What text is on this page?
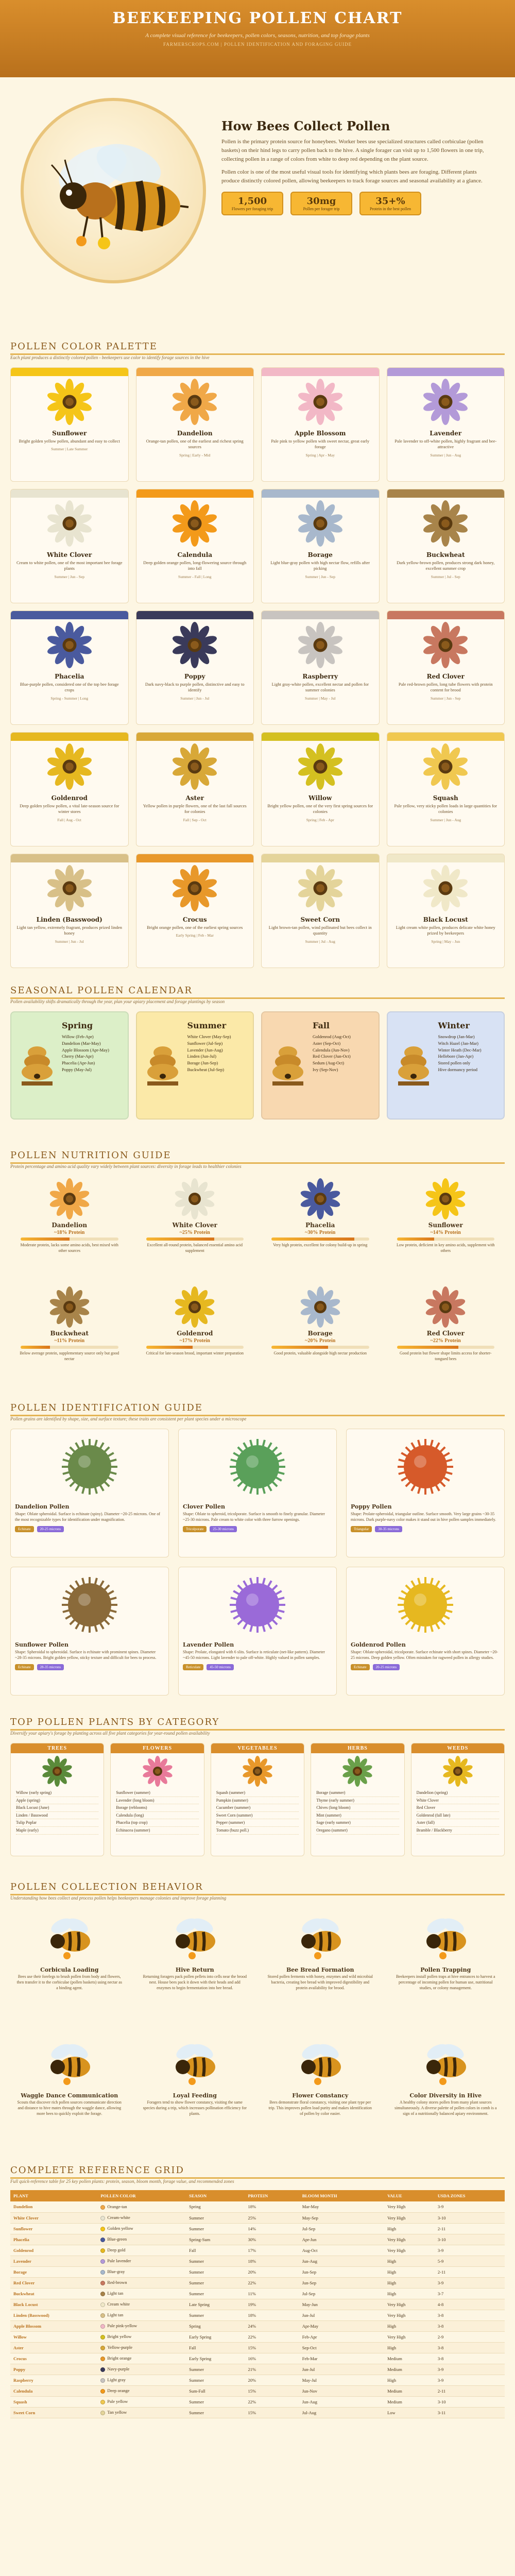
BEEKEEPING POLLEN CHART
A complete visual reference for beekeepers, pollen colors, seasons, nutrition, and top forage plants
FARMERSCROPS.COM | POLLEN IDENTIFICATION AND FORAGING GUIDE
How Bees Collect Pollen

Pollen is the primary protein source for honeybees. Worker bees use specialized structures called corbiculae (pollen baskets) on their hind legs to carry pollen back to the hive. A single forager can visit up to 1,500 flowers in one trip, collecting pollen in a range of colors from white to deep red depending on the plant source.

Pollen color is one of the most useful visual tools for identifying which plants bees are foraging. Different plants produce distinctly colored pollen, allowing beekeepers to track forage sources and seasonal availability at a glance.

1,500
Flowers per foraging trip
30mg
Pollen per forager trip
35+%
Protein in the best pollen
POLLEN COLOR PALETTE
Each plant produces a distinctly colored pollen - beekeepers use color to identify forage sources in the hive
Sunflower
Bright golden yellow pollen, abundant and easy to collect
Summer | Late Summer
Dandelion
Orange-tan pollen, one of the earliest and richest spring sources
Spring | Early - Mid
Apple Blossom
Pale pink to yellow pollen with sweet nectar, great early forage
Spring | Apr - May
Lavender
Pale lavender to off-white pollen, highly fragrant and bee-attractive
Summer | Jun - Aug
White Clover
Cream to white pollen, one of the most important bee forage plants
Summer | Jun - Sep
Calendula
Deep golden orange pollen, long-flowering source through into fall
Summer - Fall | Long
Borage
Light blue-gray pollen with high nectar flow, refills after picking
Summer | Jun - Sep
Buckwheat
Dark yellow-brown pollen, produces strong dark honey, excellent summer crop
Summer | Jul - Sep
Phacelia
Blue-purple pollen, considered one of the top bee forage crops
Spring - Summer | Long
Poppy
Dark navy-black to purple pollen, distinctive and easy to identify
Summer | Jun - Jul
Raspberry
Light gray-white pollen, excellent nectar and pollen for summer colonies
Summer | May - Jul
Red Clover
Pale red-brown pollen, long tube flowers with protein content for brood
Summer | Jun - Sep
Goldenrod
Deep golden yellow pollen, a vital late-season source for winter stores
Fall | Aug - Oct
Aster
Yellow pollen in purple flowers, one of the last fall sources for colonies
Fall | Sep - Oct
Willow
Bright yellow pollen, one of the very first spring sources for colonies
Spring | Feb - Apr
Squash
Pale yellow, very sticky pollen loads in large quantities for colonies
Summer | Jun - Aug
Linden (Basswood)
Light tan yellow, extremely fragrant, produces prized linden honey
Summer | Jun - Jul
Crocus
Bright orange pollen, one of the earliest spring sources
Early Spring | Feb - Mar
Sweet Corn
Light brown-tan pollen, wind pollinated but bees collect in quantity
Summer | Jul - Aug
Black Locust
Light cream white pollen, produces delicate white honey prized by beekeepers
Spring | May - Jun
SEASONAL POLLEN CALENDAR
Pollen availability shifts dramatically through the year, plan your apiary placement and forage plantings by season
Spring
Willow (Feb-Apr)
Dandelion (Mar-May)
Apple Blossom (Apr-May)
Cherry (Mar-Apr)
Phacelia (Apr-Jun)
Poppy (May-Jul)
Summer
White Clover (May-Sep)
Sunflower (Jul-Sep)
Lavender (Jun-Aug)
Linden (Jun-Jul)
Borage (Jun-Sep)
Buckwheat (Jul-Sep)
Fall
Goldenrod (Aug-Oct)
Aster (Sep-Oct)
Calendula (Jun-Nov)
Red Clover (Jun-Oct)
Sedum (Aug-Oct)
Ivy (Sep-Nov)
Winter
Snowdrop (Jan-Mar)
Witch Hazel (Jan-Mar)
Winter Heath (Dec-Mar)
Hellebore (Jan-Apr)
Stored pollen only
Hive dormancy period
POLLEN NUTRITION GUIDE
Protein percentage and amino acid quality vary widely between plant sources: diversity in forage leads to healthier colonies
Dandelion
~18% Protein
Moderate protein, lacks some amino acids, best mixed with other sources
White Clover
~25% Protein
Excellent all-round protein, balanced essential amino acid supplement
Phacelia
~30% Protein
Very high protein, excellent for colony build-up in spring
Sunflower
~14% Protein
Low protein, deficient in key amino acids, supplement with others
Buckwheat
~11% Protein
Below average protein, supplementary source only but good nectar
Goldenrod
~17% Protein
Critical for late-season brood, important winter preparation
Borage
~20% Protein
Good protein, valuable alongside high nectar production
Red Clover
~22% Protein
Good protein but flower shape limits access for shorter-tongued bees
POLLEN IDENTIFICATION GUIDE
Pollen grains are identified by shape, size, and surface texture; these traits are consistent per plant species under a microscope
Dandelion Pollen
Shape: Oblate spheroidal. Surface is echinate (spiny). Diameter ~20-25 microns. One of the most recognizable types for identification under magnification.
Echinate	20-25 microns
Clover Pollen
Shape: Oblate to spheroid, tricolporate. Surface is smooth to finely granular. Diameter ~25-30 microns. Pale cream to white color with three furrow openings.
Tricolporate	25-30 microns
Poppy Pollen
Shape: Prolate-spheroidal, triangular outline. Surface smooth. Very large grains ~30-35 microns. Dark purple-navy color makes it stand out in hive pollen samples immediately.
Triangular	30-35 microns
Sunflower Pollen
Shape: Spheroidal to spheroidal. Surface is echinate with prominent spines. Diameter ~28-35 microns. Bright golden yellow, sticky texture and difficult for bees to process.
Echinate	28-35 microns
Lavender Pollen
Shape: Prolate, elongated with 6 slits. Surface is reticulate (net-like pattern). Diameter ~45-50 microns. Light lavender to pale off-white. Highly valued in pollen samples.
Reticulate	45-50 microns
Goldenrod Pollen
Shape: Oblate-spheroidal, tricolporate. Surface echinate with short spines. Diameter ~20-25 microns. Deep golden yellow. Often mistaken for ragweed pollen in allergy studies.
Echinate	20-25 microns
TOP POLLEN PLANTS BY CATEGORY
Diversify your apiary's forage by planting across all five plant categories for year-round pollen availability
TREES
Willow (early spring)
Apple (spring)
Black Locust (June)
Linden / Basswood
Tulip Poplar
Maple (early)
FLOWERS
Sunflower (summer)
Lavender (long bloom)
Borage (reblooms)
Calendula (long)
Phacelia (top crop)
Echinacea (summer)
VEGETABLES
Squash (summer)
Pumpkin (summer)
Cucumber (summer)
Sweet Corn (summer)
Pepper (summer)
Tomato (buzz poll.)
HERBS
Borage (summer)
Thyme (early summer)
Chives (long bloom)
Mint (summer)
Sage (early summer)
Oregano (summer)
WEEDS
Dandelion (spring)
White Clover
Red Clover
Goldenrod (fall late)
Aster (fall)
Bramble / Blackberry
POLLEN COLLECTION BEHAVIOR
Understanding how bees collect and process pollen helps beekeepers manage colonies and improve forage planning
Corbicula Loading
Bees use their forelegs to brush pollen from body and flowers, then transfer it to the corbiculae (pollen baskets) using nectar as a binding agent.
Hive Return
Returning foragers pack pollen pellets into cells near the brood nest. House bees pack it down with their heads and add enzymes to begin fermentation into bee bread.
Bee Bread Formation
Stored pollen ferments with honey, enzymes and wild microbial bacteria, creating bee bread with improved digestibility and protein availability for brood.
Pollen Trapping
Beekeepers install pollen traps at hive entrances to harvest a percentage of incoming pollen for human use, nutritional studies, or colony management.
Waggle Dance Communication
Scouts that discover rich pollen sources communicate direction and distance to hive mates through the waggle dance, allowing more bees to quickly exploit the forage.
Loyal Feeding
Foragers tend to show flower constancy, visiting the same species during a trip, which increases pollination efficiency for plants.
Flower Constancy
Bees demonstrate floral constancy, visiting one plant type per trip. This improves pollen load purity and makes identification of pollen by color easier.
Color Diversity in Hive
A healthy colony stores pollen from many plant sources simultaneously. A diverse palette of pollen colors in comb is a sign of a nutritionally balanced apiary environment.
COMPLETE REFERENCE GRID
Full quick-reference table for 25 key pollen plants: protein, season, bloom month, forage value, and recommended zones
PLANT	POLLEN COLOR	SEASON	PROTEIN	BLOOM MONTH	VALUE	USDA ZONES
Dandelion	Orange-tan	Spring	18%	Mar-May	Very High	3-9
White Clover	Cream-white	Summer	25%	May-Sep	Very High	3-10
Sunflower	Golden yellow	Summer	14%	Jul-Sep	High	2-11
Phacelia	Blue-green	Spring-Sum	30%	Apr-Jun	Very High	3-10
Goldenrod	Deep gold	Fall	17%	Aug-Oct	Very High	3-9
Lavender	Pale lavender	Summer	18%	Jun-Aug	High	5-9
Borage	Blue-gray	Summer	20%	Jun-Sep	High	2-11
Red Clover	Red-brown	Summer	22%	Jun-Sep	High	3-9
Buckwheat	Light tan	Summer	11%	Jul-Sep	High	3-7
Black Locust	Cream white	Late Spring	19%	May-Jun	Very High	4-8
Linden (Basswood)	Light tan	Summer	18%	Jun-Jul	Very High	3-8
Apple Blossom	Pale pink-yellow	Spring	24%	Apr-May	High	3-8
Willow	Bright yellow	Early Spring	22%	Feb-Apr	Very High	2-9
Aster	Yellow-purple	Fall	15%	Sep-Oct	High	3-8
Crocus	Bright orange	Early Spring	16%	Feb-Mar	Medium	3-8
Poppy	Navy-purple	Summer	21%	Jun-Jul	Medium	3-9
Raspberry	Light gray	Summer	20%	May-Jul	High	3-9
Calendula	Deep orange	Sum-Fall	15%	Jun-Nov	Medium	2-11
Squash	Pale yellow	Summer	22%	Jun-Aug	Medium	3-10
Sweet Corn	Tan yellow	Summer	15%	Jul-Aug	Low	3-11
